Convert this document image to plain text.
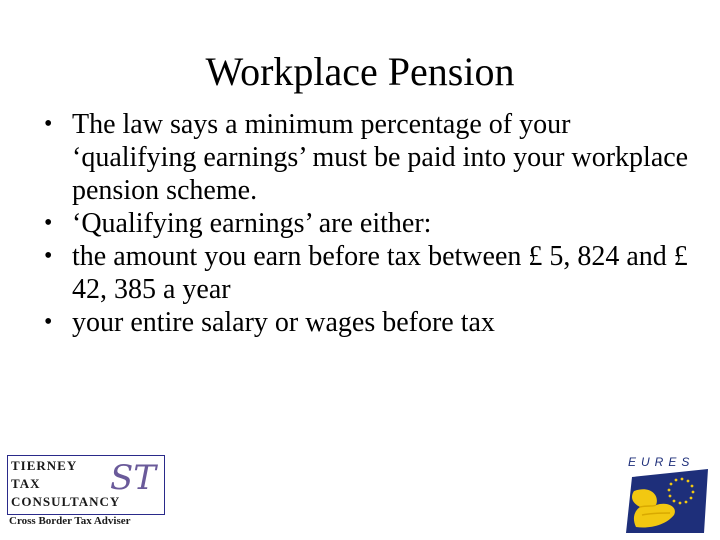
Workplace Pension
• The law says a minimum percentage of your ‘qualifying earnings’ must be paid into your workplace pension scheme.
• ‘Qualifying earnings’ are either:
• the amount you earn before tax between £ 5, 824 and £ 42, 385 a year
• your entire salary or wages before tax
TIERNEY
TAX
CONSULTANCY
ST
Cross Border Tax Adviser
EURES
